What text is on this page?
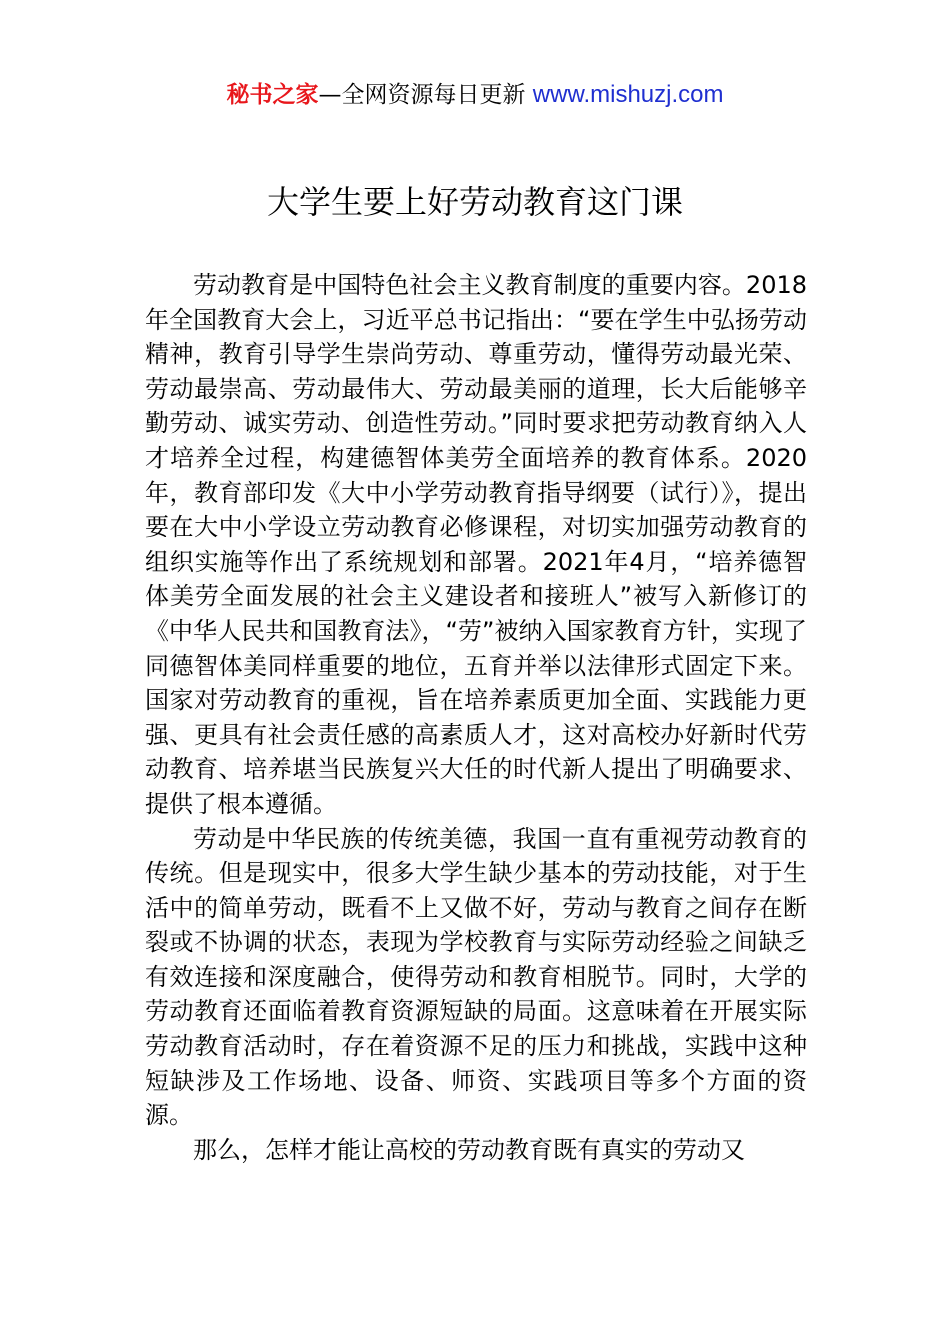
秘书之家—全网资源每日更新 www.mishuzj.com
大学生要上好劳动教育这门课

劳动教育是中国特色社会主义教育制度的重要内容。2018年全国教育大会上，习近平总书记指出：“要在学生中弘扬劳动精神，教育引导学生崇尚劳动、尊重劳动，懂得劳动最光荣、劳动最崇高、劳动最伟大、劳动最美丽的道理，长大后能够辛勤劳动、诚实劳动、创造性劳动。”同时要求把劳动教育纳入人才培养全过程，构建德智体美劳全面培养的教育体系。2020年，教育部印发《大中小学劳动教育指导纲要（试行）》，提出要在大中小学设立劳动教育必修课程，对切实加强劳动教育的组织实施等作出了系统规划和部署。2021年4月，“培养德智体美劳全面发展的社会主义建设者和接班人”被写入新修订的《中华人民共和国教育法》，“劳”被纳入国家教育方针，实现了同德智体美同样重要的地位，五育并举以法律形式固定下来。国家对劳动教育的重视，旨在培养素质更加全面、实践能力更强、更具有社会责任感的高素质人才，这对高校办好新时代劳动教育、培养堪当民族复兴大任的时代新人提出了明确要求、提供了根本遵循。

劳动是中华民族的传统美德，我国一直有重视劳动教育的传统。但是现实中，很多大学生缺少基本的劳动技能，对于生活中的简单劳动，既看不上又做不好，劳动与教育之间存在断裂或不协调的状态，表现为学校教育与实际劳动经验之间缺乏有效连接和深度融合，使得劳动和教育相脱节。同时，大学的劳动教育还面临着教育资源短缺的局面。这意味着在开展实际劳动教育活动时，存在着资源不足的压力和挑战，实践中这种短缺涉及工作场地、设备、师资、实践项目等多个方面的资源。

那么，怎样才能让高校的劳动教育既有真实的劳动又
